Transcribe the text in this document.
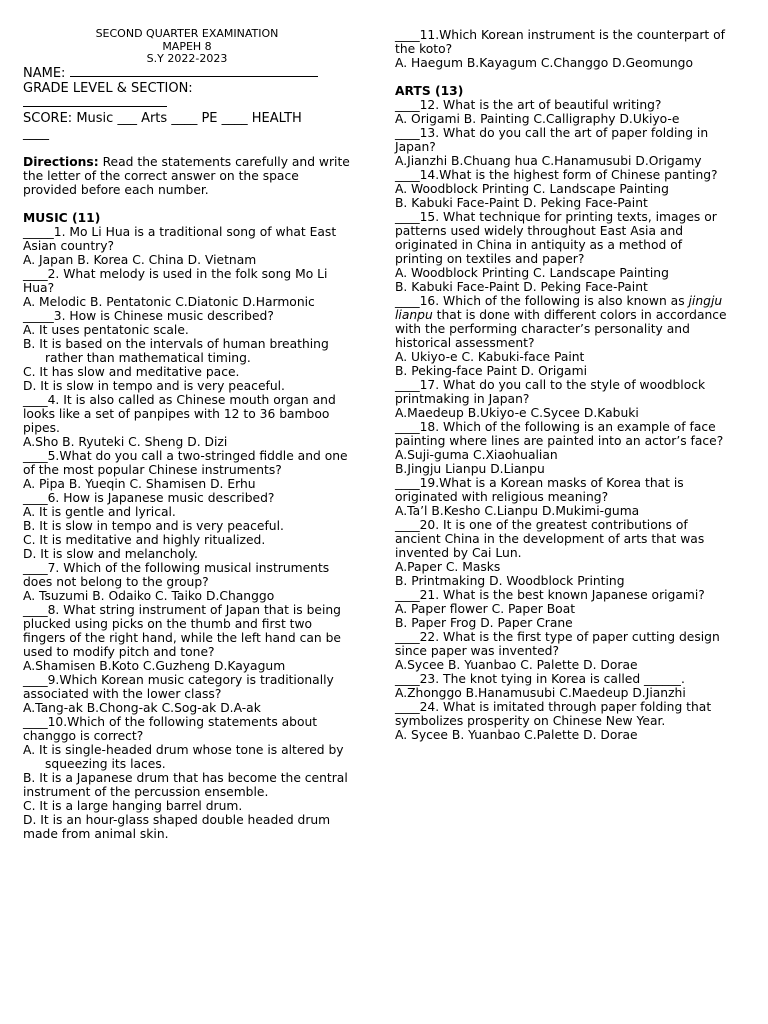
SECOND QUARTER EXAMINATION
MAPEH 8
S.Y 2022-2023
NAME:
GRADE LEVEL & SECTION:
SCORE: Music ___ Arts ____ PE ____ HEALTH
____
Directions: Read the statements carefully and write the letter of the correct answer on the space provided before each number.
MUSIC (11)
_____1. Mo Li Hua is a traditional song of what East Asian country?
A. Japan B. Korea C. China D. Vietnam
____2. What melody is used in the folk song Mo Li Hua?
A. Melodic B. Pentatonic C.Diatonic D.Harmonic
_____3. How is Chinese music described?
A. It uses pentatonic scale.
B. It is based on the intervals of human breathing rather than mathematical timing.
C. It has slow and meditative pace.
D. It is slow in tempo and is very peaceful.
____4. It is also called as Chinese mouth organ and looks like a set of panpipes with 12 to 36 bamboo pipes.
A.Sho B. Ryuteki C. Sheng D. Dizi
____5.What do you call a two-stringed fiddle and one of the most popular Chinese instruments?
A. Pipa B. Yueqin C. Shamisen D. Erhu
____6. How is Japanese music described?
A. It is gentle and lyrical.
B. It is slow in tempo and is very peaceful.
C. It is meditative and highly ritualized.
D. It is slow and melancholy.
____7. Which of the following musical instruments does not belong to the group?
A. Tsuzumi B. Odaiko C. Taiko D.Changgo
____8. What string instrument of Japan that is being plucked using picks on the thumb and first two fingers of the right hand, while the left hand can be used to modify pitch and tone?
A.Shamisen B.Koto C.Guzheng D.Kayagum
____9.Which Korean music category is traditionally associated with the lower class?
A.Tang-ak B.Chong-ak C.Sog-ak D.A-ak
____10.Which of the following statements about changgo is correct?
A. It is single-headed drum whose tone is altered by squeezing its laces.
B. It is a Japanese drum that has become the central instrument of the percussion ensemble.
C. It is a large hanging barrel drum.
D. It is an hour-glass shaped double headed drum made from animal skin.
____11.Which Korean instrument is the counterpart of the koto?
A. Haegum B.Kayagum C.Changgo D.Geomungo
ARTS (13)
____12. What is the art of beautiful writing?
A. Origami B. Painting C.Calligraphy D.Ukiyo-e
____13. What do you call the art of paper folding in Japan?
A.Jianzhi B.Chuang hua C.Hanamusubi D.Origamy
____14.What is the highest form of Chinese panting?
A. Woodblock Printing C. Landscape Painting
B. Kabuki Face-Paint D. Peking Face-Paint
____15. What technique for printing texts, images or patterns used widely throughout East Asia and originated in China in antiquity as a method of printing on textiles and paper?
A. Woodblock Printing C. Landscape Painting
B. Kabuki Face-Paint D. Peking Face-Paint
____16. Which of the following is also known as jingju lianpu that is done with different colors in accordance with the performing character’s personality and historical assessment?
A. Ukiyo-e C. Kabuki-face Paint
B. Peking-face Paint D. Origami
____17. What do you call to the style of woodblock printmaking in Japan?
A.Maedeup B.Ukiyo-e C.Sycee D.Kabuki
____18. Which of the following is an example of face painting where lines are painted into an actor’s face?
A.Suji-guma C.Xiaohualian
B.Jingju Lianpu D.Lianpu
____19.What is a Korean masks of Korea that is originated with religious meaning?
A.Ta’l B.Kesho C.Lianpu D.Mukimi-guma
____20. It is one of the greatest contributions of ancient China in the development of arts that was invented by Cai Lun.
A.Paper C. Masks
B. Printmaking D. Woodblock Printing
____21. What is the best known Japanese origami?
A. Paper flower C. Paper Boat
B. Paper Frog D. Paper Crane
____22. What is the first type of paper cutting design since paper was invented?
A.Sycee B. Yuanbao C. Palette D. Dorae
____23. The knot tying in Korea is called ______.
A.Zhonggo B.Hanamusubi C.Maedeup D.Jianzhi
____24. What is imitated through paper folding that symbolizes prosperity on Chinese New Year.
A. Sycee B. Yuanbao C.Palette D. Dorae
